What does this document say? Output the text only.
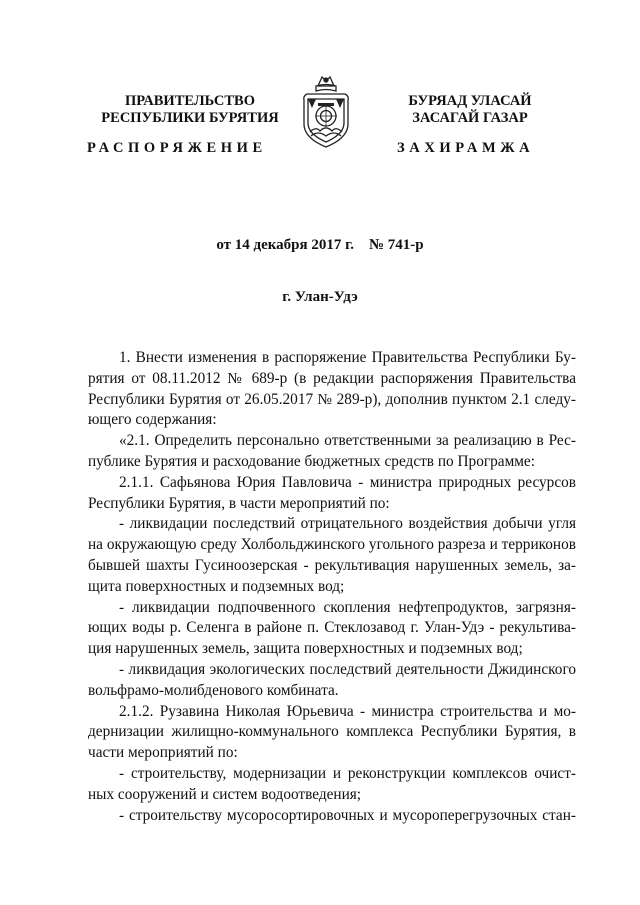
ПРАВИТЕЛЬСТВО
РЕСПУБЛИКИ БУРЯТИЯ
БУРЯАД УЛАСАЙ
ЗАСАГАЙ ГАЗАР
РАСПОРЯЖЕНИЕ	ЗАХИРАМЖА
от 14 декабря 2017 г.    № 741-р
г. Улан-Удэ
1. Внести изменения в распоряжение Правительства Республики Бу-
рятия от 08.11.2012 № 689-р (в редакции распоряжения Правительства
Республики Бурятия от 26.05.2017 № 289-р), дополнив пунктом 2.1 следу-
ющего содержания:
«2.1. Определить персонально ответственными за реализацию в Рес-
публике Бурятия и расходование бюджетных средств по Программе:
2.1.1. Сафьянова Юрия Павловича - министра природных ресурсов
Республики Бурятия, в части мероприятий по:
- ликвидации последствий отрицательного воздействия добычи угля
на окружающую среду Холбольджинского угольного разреза и терриконов
бывшей шахты Гусиноозерская - рекультивация нарушенных земель, за-
щита поверхностных и подземных вод;
- ликвидации подпочвенного скопления нефтепродуктов, загрязня-
ющих воды р. Селенга в районе п. Стеклозавод г. Улан-Удэ - рекультива-
ция нарушенных земель, защита поверхностных и подземных вод;
- ликвидация экологических последствий деятельности Джидинского
вольфрамо-молибденового комбината.
2.1.2. Рузавина Николая Юрьевича - министра строительства и мо-
дернизации жилищно-коммунального комплекса Республики Бурятия, в
части мероприятий по:
- строительству, модернизации и реконструкции комплексов очист-
ных сооружений и систем водоотведения;
- строительству мусоросортировочных и мусороперегрузочных стан-
